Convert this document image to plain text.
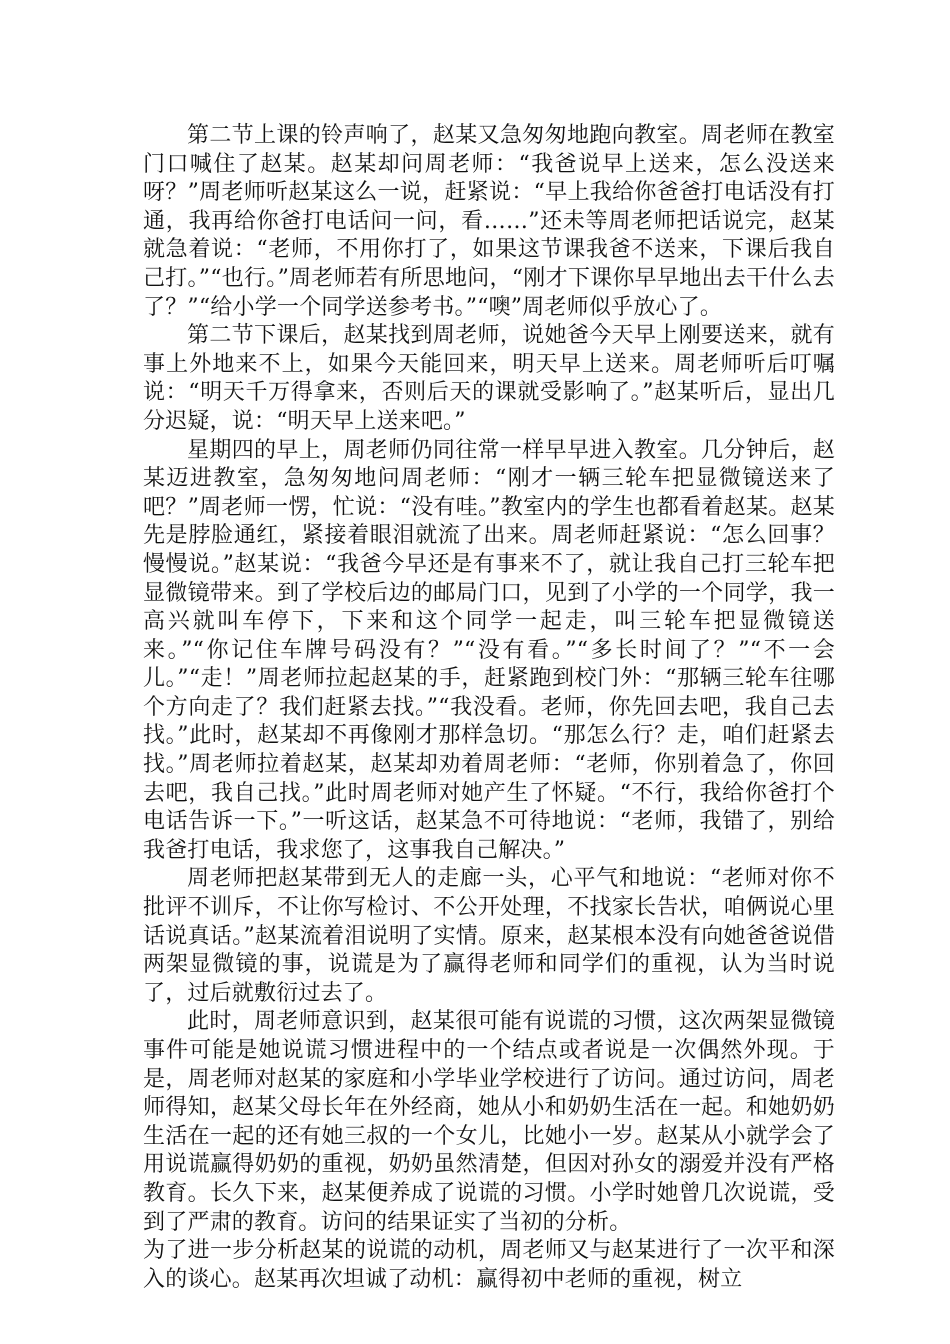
第二节上课的铃声响了，赵某又急匆匆地跑向教室。周老师在教室门口喊住了赵某。赵某却问周老师：“我爸说早上送来，怎么没送来呀？”周老师听赵某这么一说，赶紧说：“早上我给你爸爸打电话没有打通，我再给你爸打电话问一问，看……”还未等周老师把话说完，赵某就急着说：“老师，不用你打了，如果这节课我爸不送来，下课后我自己打。”“也行。”周老师若有所思地问，“刚才下课你早早地出去干什么去了？”“给小学一个同学送参考书。”“噢”周老师似乎放心了。

第二节下课后，赵某找到周老师，说她爸今天早上刚要送来，就有事上外地来不上，如果今天能回来，明天早上送来。周老师听后叮嘱说：“明天千万得拿来，否则后天的课就受影响了。”赵某听后，显出几分迟疑，说：“明天早上送来吧。”

星期四的早上，周老师仍同往常一样早早进入教室。几分钟后，赵某迈进教室，急匆匆地问周老师：“刚才一辆三轮车把显微镜送来了吧？”周老师一愣，忙说：“没有哇。”教室内的学生也都看着赵某。赵某先是脖脸通红，紧接着眼泪就流了出来。周老师赶紧说：“怎么回事？慢慢说。”赵某说：“我爸今早还是有事来不了，就让我自己打三轮车把显微镜带来。到了学校后边的邮局门口，见到了小学的一个同学，我一高兴就叫车停下，下来和这个同学一起走，叫三轮车把显微镜送来。”“你记住车牌号码没有？”“没有看。”“多长时间了？”“不一会儿。”“走！”周老师拉起赵某的手，赶紧跑到校门外：“那辆三轮车往哪个方向走了？我们赶紧去找。”“我没看。老师，你先回去吧，我自己去找。”此时，赵某却不再像刚才那样急切。“那怎么行？走，咱们赶紧去找。”周老师拉着赵某，赵某却劝着周老师：“老师，你别着急了，你回去吧，我自己找。”此时周老师对她产生了怀疑。“不行，我给你爸打个电话告诉一下。”一听这话，赵某急不可待地说：“老师，我错了，别给我爸打电话，我求您了，这事我自己解决。”

周老师把赵某带到无人的走廊一头，心平气和地说：“老师对你不批评不训斥，不让你写检讨、不公开处理，不找家长告状，咱俩说心里话说真话。”赵某流着泪说明了实情。原来，赵某根本没有向她爸爸说借两架显微镜的事，说谎是为了赢得老师和同学们的重视，认为当时说了，过后就敷衍过去了。

此时，周老师意识到，赵某很可能有说谎的习惯，这次两架显微镜事件可能是她说谎习惯进程中的一个结点或者说是一次偶然外现。于是，周老师对赵某的家庭和小学毕业学校进行了访问。通过访问，周老师得知，赵某父母长年在外经商，她从小和奶奶生活在一起。和她奶奶生活在一起的还有她三叔的一个女儿，比她小一岁。赵某从小就学会了用说谎赢得奶奶的重视，奶奶虽然清楚，但因对孙女的溺爱并没有严格教育。长久下来，赵某便养成了说谎的习惯。小学时她曾几次说谎，受到了严肃的教育。访问的结果证实了当初的分析。

为了进一步分析赵某的说谎的动机，周老师又与赵某进行了一次平和深入的谈心。赵某再次坦诚了动机：赢得初中老师的重视，树立
